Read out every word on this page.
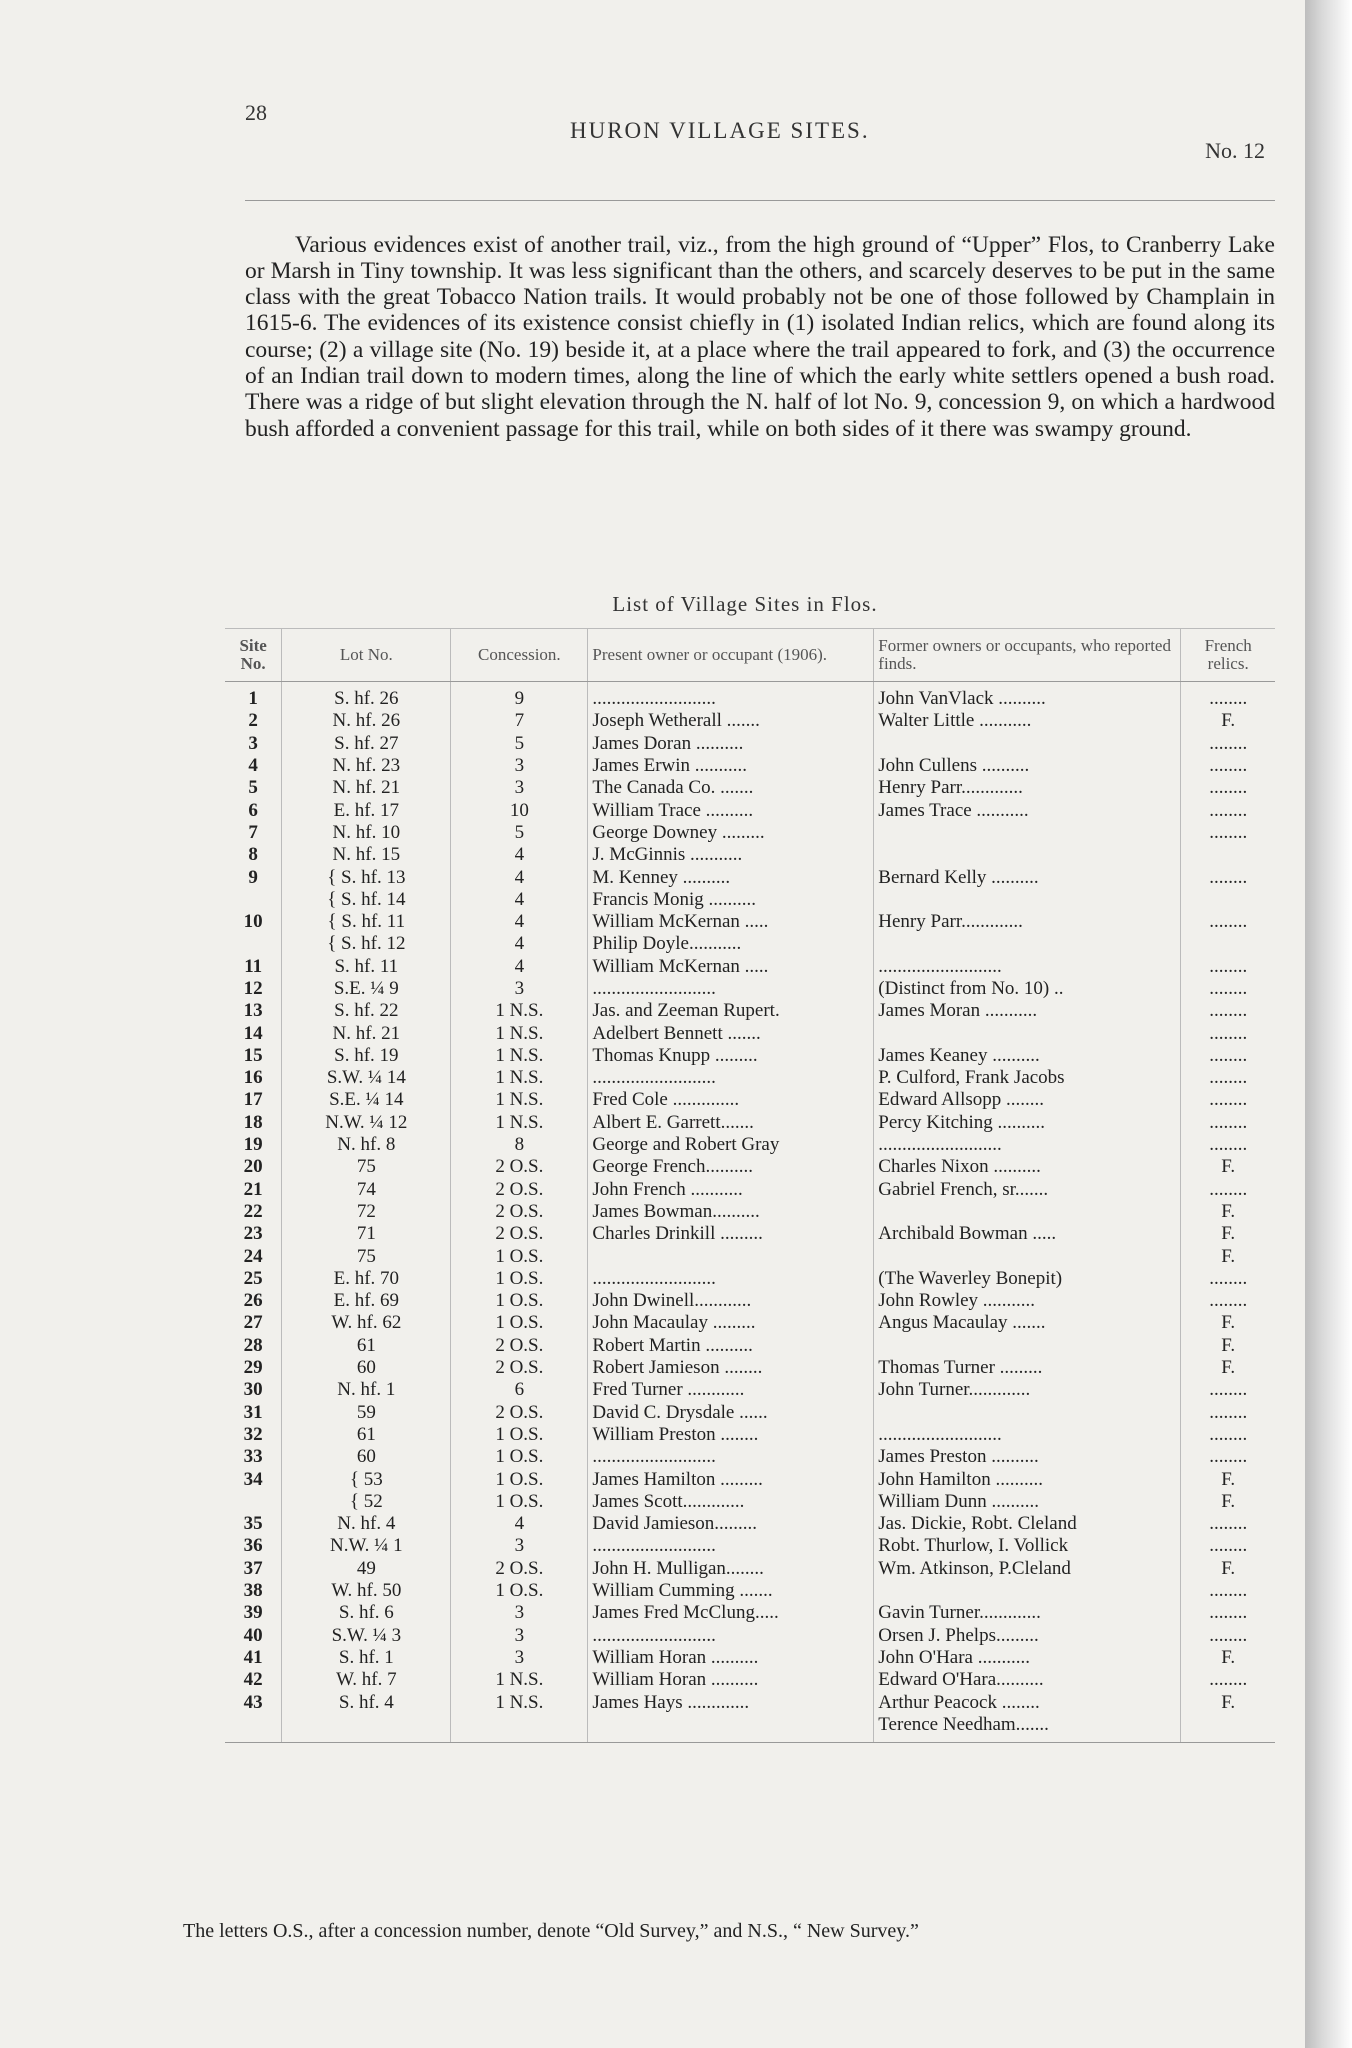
28
HURON VILLAGE SITES.
No. 12

Various evidences exist of another trail, viz., from the high ground of “Upper” Flos, to Cranberry Lake or Marsh in Tiny township. It was less significant than the others, and scarcely deserves to be put in the same class with the great Tobacco Nation trails. It would probably not be one of those followed by Champlain in 1615-6. The evidences of its existence consist chiefly in (1) isolated Indian relics, which are found along its course; (2) a village site (No. 19) beside it, at a place where the trail appeared to fork, and (3) the occurrence of an Indian trail down to modern times, along the line of which the early white settlers opened a bush road. There was a ridge of but slight elevation through the N. half of lot No. 9, concession 9, on which a hardwood bush afforded a convenient passage for this trail, while on both sides of it there was swampy ground.

List of Village Sites in Flos.
Site No.	Lot No.	Concession.	Present owner or occupant (1906).	Former owners or occupants, who reported finds.	French relics.
1	S. hf. 26	9	..........................	John VanVlack ..........	........
2	N. hf. 26	7	Joseph Wetherall .......	Walter Little ...........	F.
3	S. hf. 27	5	James Doran ..........		........
4	N. hf. 23	3	James Erwin ...........	John Cullens ..........	........
5	N. hf. 21	3	The Canada Co. .......	Henry Parr.............	........
6	E. hf. 17	10	William Trace ..........	James Trace ...........	........
7	N. hf. 10	5	George Downey .........		........
8	N. hf. 15	4	J. McGinnis ...........		
9	{ S. hf. 13	4	M. Kenney ..........	Bernard Kelly ..........	........
	{ S. hf. 14	4	Francis Monig ..........		
10	{ S. hf. 11	4	William McKernan .....	Henry Parr.............	........
	{ S. hf. 12	4	Philip Doyle...........		
11	S. hf. 11	4	William McKernan .....	..........................	........
12	S.E. ¼ 9	3	..........................	(Distinct from No. 10) ..	........
13	S. hf. 22	1 N.S.	Jas. and Zeeman Rupert.	James Moran ...........	........
14	N. hf. 21	1 N.S.	Adelbert Bennett .......		........
15	S. hf. 19	1 N.S.	Thomas Knupp .........	James Keaney ..........	........
16	S.W. ¼ 14	1 N.S.	..........................	P. Culford, Frank Jacobs	........
17	S.E. ¼ 14	1 N.S.	Fred Cole ..............	Edward Allsopp ........	........
18	N.W. ¼ 12	1 N.S.	Albert E. Garrett.......	Percy Kitching ..........	........
19	N. hf. 8	8	George and Robert Gray	..........................	........
20	75	2 O.S.	George French..........	Charles Nixon ..........	F.
21	74	2 O.S.	John French ...........	Gabriel French, sr.......	........
22	72	2 O.S.	James Bowman..........		F.
23	71	2 O.S.	Charles Drinkill .........	Archibald Bowman .....	F.
24	75	1 O.S.			F.
25	E. hf. 70	1 O.S.	..........................	(The Waverley Bonepit)	........
26	E. hf. 69	1 O.S.	John Dwinell............	John Rowley ...........	........
27	W. hf. 62	1 O.S.	John Macaulay .........	Angus Macaulay .......	F.
28	61	2 O.S.	Robert Martin ..........		F.
29	60	2 O.S.	Robert Jamieson ........	Thomas Turner .........	F.
30	N. hf. 1	6	Fred Turner ............	John Turner.............	........
31	59	2 O.S.	David C. Drysdale ......		........
32	61	1 O.S.	William Preston ........	..........................	........
33	60	1 O.S.	..........................	James Preston ..........	........
34	{ 53	1 O.S.	James Hamilton .........	John Hamilton ..........	F.
	{ 52	1 O.S.	James Scott.............	William Dunn ..........	F.
35	N. hf. 4	4	David Jamieson.........	Jas. Dickie, Robt. Cleland	........
36	N.W. ¼ 1	3	..........................	Robt. Thurlow, I. Vollick	........
37	49	2 O.S.	John H. Mulligan........	Wm. Atkinson, P.Cleland	F.
38	W. hf. 50	1 O.S.	William Cumming .......		........
39	S. hf. 6	3	James Fred McClung.....	Gavin Turner.............	........
40	S.W. ¼ 3	3	..........................	Orsen J. Phelps.........	........
41	S. hf. 1	3	William Horan ..........	John O'Hara ...........	F.
42	W. hf. 7	1 N.S.	William Horan ..........	Edward O'Hara..........	........
43	S. hf. 4	1 N.S.	James Hays .............	Arthur Peacock ........	F.
				Terence Needham.......	
The letters O.S., after a concession number, denote “Old Survey,” and N.S., “ New Survey.”
